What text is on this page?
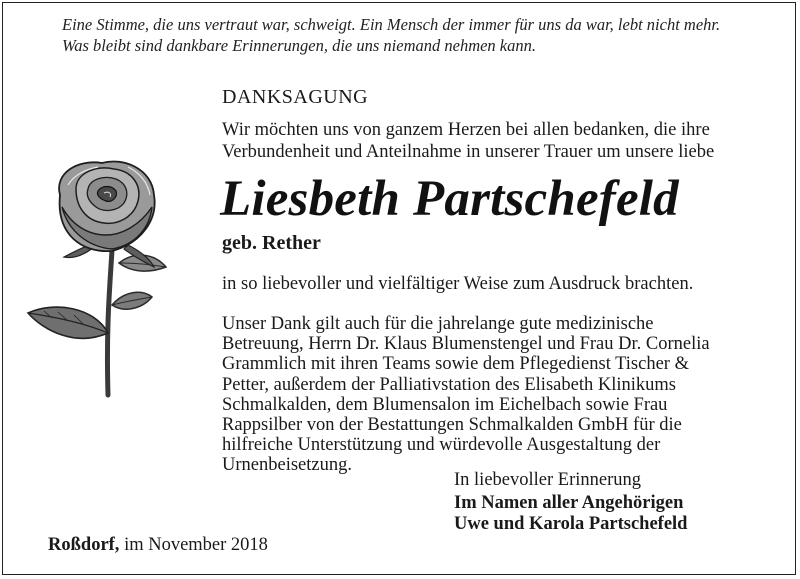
Eine Stimme, die uns vertraut war, schweigt. Ein Mensch der immer für uns da war, lebt nicht mehr.
Was bleibt sind dankbare Erinnerungen, die uns niemand nehmen kann.
DANKSAGUNG
Wir möchten uns von ganzem Herzen bei allen bedanken, die ihre
Verbundenheit und Anteilnahme in unserer Trauer um unsere liebe
Liesbeth Partschefeld
geb. Rether
in so liebevoller und vielfältiger Weise zum Ausdruck brachten.
Unser Dank gilt auch für die jahrelange gute medizinische
Betreuung, Herrn Dr. Klaus Blumenstengel und Frau Dr. Cornelia
Grammlich mit ihren Teams sowie dem Pflegedienst Tischer &
Petter, außerdem der Palliativstation des Elisabeth Klinikums
Schmalkalden, dem Blumensalon im Eichelbach sowie Frau
Rappsilber von der Bestattungen Schmalkalden GmbH für die
hilfreiche Unterstützung und würdevolle Ausgestaltung der
Urnenbeisetzung.
In liebevoller Erinnerung
Im Namen aller Angehörigen
Uwe und Karola Partschefeld
Roßdorf, im November 2018
